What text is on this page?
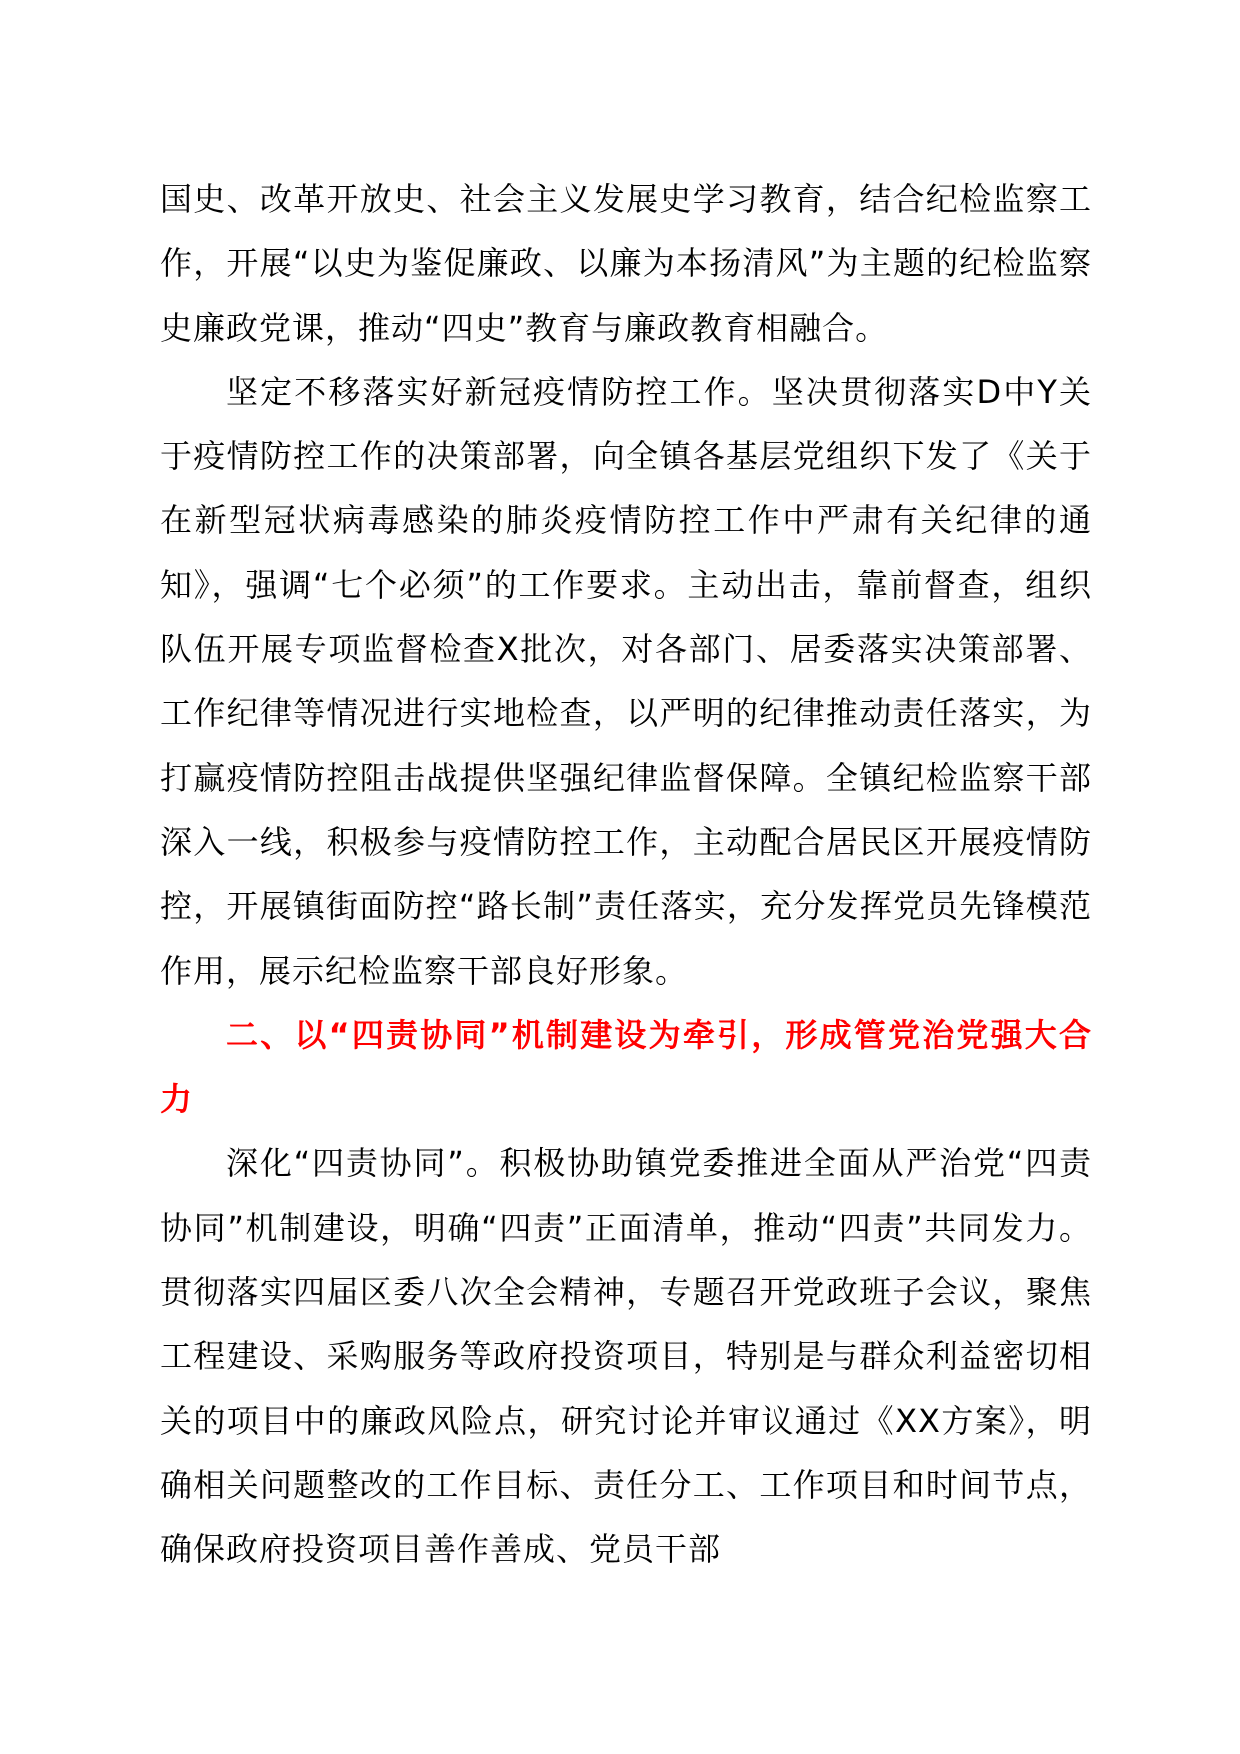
国史、改革开放史、社会主义发展史学习教育，结合纪检监察工作，开展“以史为鉴促廉政、以廉为本扬清风”为主题的纪检监察史廉政党课，推动“四史”教育与廉政教育相融合。

坚定不移落实好新冠疫情防控工作。坚决贯彻落实D中Y关于疫情防控工作的决策部署，向全镇各基层党组织下发了《关于在新型冠状病毒感染的肺炎疫情防控工作中严肃有关纪律的通知》，强调“七个必须”的工作要求。主动出击，靠前督查，组织队伍开展专项监督检查X批次，对各部门、居委落实决策部署、工作纪律等情况进行实地检查，以严明的纪律推动责任落实，为打赢疫情防控阻击战提供坚强纪律监督保障。全镇纪检监察干部深入一线，积极参与疫情防控工作，主动配合居民区开展疫情防控，开展镇街面防控“路长制”责任落实，充分发挥党员先锋模范作用，展示纪检监察干部良好形象。

二、以“四责协同”机制建设为牵引，形成管党治党强大合力

深化“四责协同”。积极协助镇党委推进全面从严治党“四责协同”机制建设，明确“四责”正面清单，推动“四责”共同发力。贯彻落实四届区委八次全会精神，专题召开党政班子会议，聚焦工程建设、采购服务等政府投资项目，特别是与群众利益密切相关的项目中的廉政风险点，研究讨论并审议通过《XX方案》，明确相关问题整改的工作目标、责任分工、工作项目和时间节点，确保政府投资项目善作善成、党员干部
